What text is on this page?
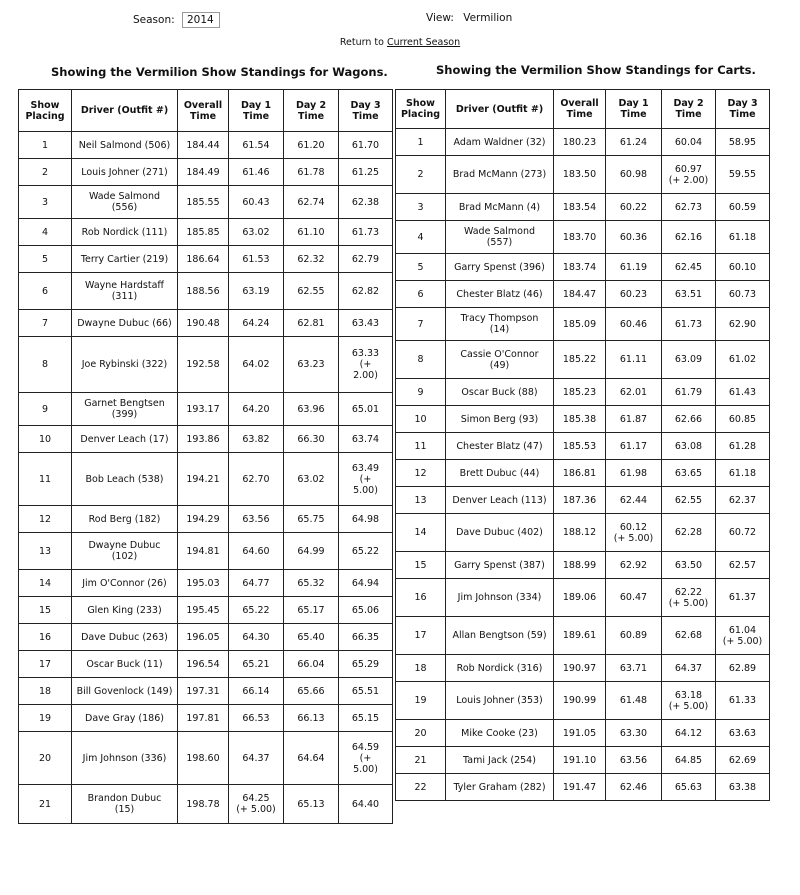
Season: 2014	View: Vermilion
Return to Current Season
Showing the Vermilion Show Standings for Wagons.	Showing the Vermilion Show Standings for Carts.
Show Placing	Driver (Outfit #)	Overall Time	Day 1 Time	Day 2 Time	Day 3 Time
1	Neil Salmond (506)	184.44	61.54	61.20	61.70
2	Louis Johner (271)	184.49	61.46	61.78	61.25
3	Wade Salmond
(556)	185.55	60.43	62.74	62.38
4	Rob Nordick (111)	185.85	63.02	61.10	61.73
5	Terry Cartier (219)	186.64	61.53	62.32	62.79
6	Wayne Hardstaff
(311)	188.56	63.19	62.55	62.82
7	Dwayne Dubuc (66)	190.48	64.24	62.81	63.43
8	Joe Rybinski (322)	192.58	64.02	63.23	63.33
(+
2.00)
9	Garnet Bengtsen
(399)	193.17	64.20	63.96	65.01
10	Denver Leach (17)	193.86	63.82	66.30	63.74
11	Bob Leach (538)	194.21	62.70	63.02	63.49
(+
5.00)
12	Rod Berg (182)	194.29	63.56	65.75	64.98
13	Dwayne Dubuc
(102)	194.81	64.60	64.99	65.22
14	Jim O'Connor (26)	195.03	64.77	65.32	64.94
15	Glen King (233)	195.45	65.22	65.17	65.06
16	Dave Dubuc (263)	196.05	64.30	65.40	66.35
17	Oscar Buck (11)	196.54	65.21	66.04	65.29
18	Bill Govenlock (149)	197.31	66.14	65.66	65.51
19	Dave Gray (186)	197.81	66.53	66.13	65.15
20	Jim Johnson (336)	198.60	64.37	64.64	64.59
(+
5.00)
21	Brandon Dubuc
(15)	198.78	64.25
(+ 5.00)	65.13	64.40
Show Placing	Driver (Outfit #)	Overall Time	Day 1 Time	Day 2 Time	Day 3 Time
1	Adam Waldner (32)	180.23	61.24	60.04	58.95
2	Brad McMann (273)	183.50	60.98	60.97
(+ 2.00)	59.55
3	Brad McMann (4)	183.54	60.22	62.73	60.59
4	Wade Salmond
(557)	183.70	60.36	62.16	61.18
5	Garry Spenst (396)	183.74	61.19	62.45	60.10
6	Chester Blatz (46)	184.47	60.23	63.51	60.73
7	Tracy Thompson
(14)	185.09	60.46	61.73	62.90
8	Cassie O'Connor
(49)	185.22	61.11	63.09	61.02
9	Oscar Buck (88)	185.23	62.01	61.79	61.43
10	Simon Berg (93)	185.38	61.87	62.66	60.85
11	Chester Blatz (47)	185.53	61.17	63.08	61.28
12	Brett Dubuc (44)	186.81	61.98	63.65	61.18
13	Denver Leach (113)	187.36	62.44	62.55	62.37
14	Dave Dubuc (402)	188.12	60.12
(+ 5.00)	62.28	60.72
15	Garry Spenst (387)	188.99	62.92	63.50	62.57
16	Jim Johnson (334)	189.06	60.47	62.22
(+ 5.00)	61.37
17	Allan Bengtson (59)	189.61	60.89	62.68	61.04
(+ 5.00)
18	Rob Nordick (316)	190.97	63.71	64.37	62.89
19	Louis Johner (353)	190.99	61.48	63.18
(+ 5.00)	61.33
20	Mike Cooke (23)	191.05	63.30	64.12	63.63
21	Tami Jack (254)	191.10	63.56	64.85	62.69
22	Tyler Graham (282)	191.47	62.46	65.63	63.38
